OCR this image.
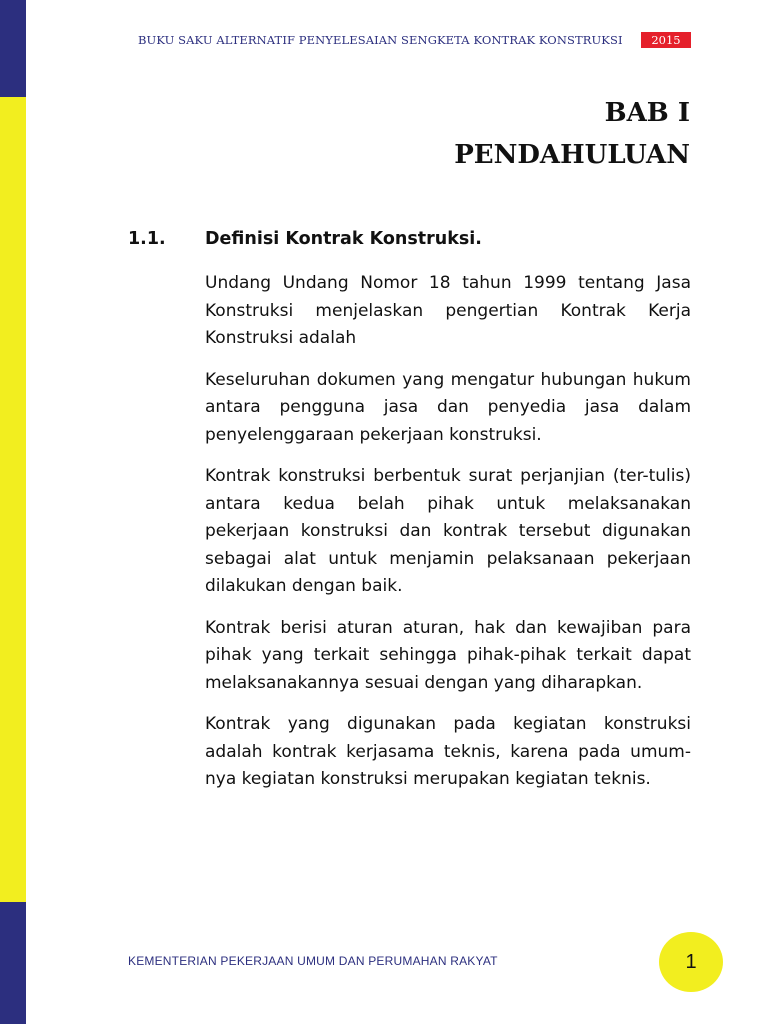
BUKU SAKU ALTERNATIF PENYELESAIAN SENGKETA KONTRAK KONSTRUKSI	2015
BAB I
PENDAHULUAN
1.1. Definisi Kontrak Konstruksi.

Undang Undang Nomor 18 tahun 1999 tentang Jasa Konstruksi menjelaskan pengertian Kontrak Kerja Konstruksi adalah

Keseluruhan dokumen yang mengatur hubungan hukum antara pengguna jasa dan penyedia jasa dalam penyelenggaraan pekerjaan konstruksi.

Kontrak konstruksi berbentuk surat perjanjian (ter-tulis) antara kedua belah pihak untuk melaksanakan pekerjaan konstruksi dan kontrak tersebut digunakan sebagai alat untuk menjamin pelaksanaan pekerjaan dilakukan dengan baik.

Kontrak berisi aturan aturan, hak dan kewajiban para pihak yang terkait sehingga pihak-pihak terkait dapat melaksanakannya sesuai dengan yang diharapkan.

Kontrak yang digunakan pada kegiatan konstruksi adalah kontrak kerjasama teknis, karena pada umum-nya kegiatan konstruksi merupakan kegiatan teknis.

KEMENTERIAN PEKERJAAN UMUM DAN PERUMAHAN RAKYAT	1
